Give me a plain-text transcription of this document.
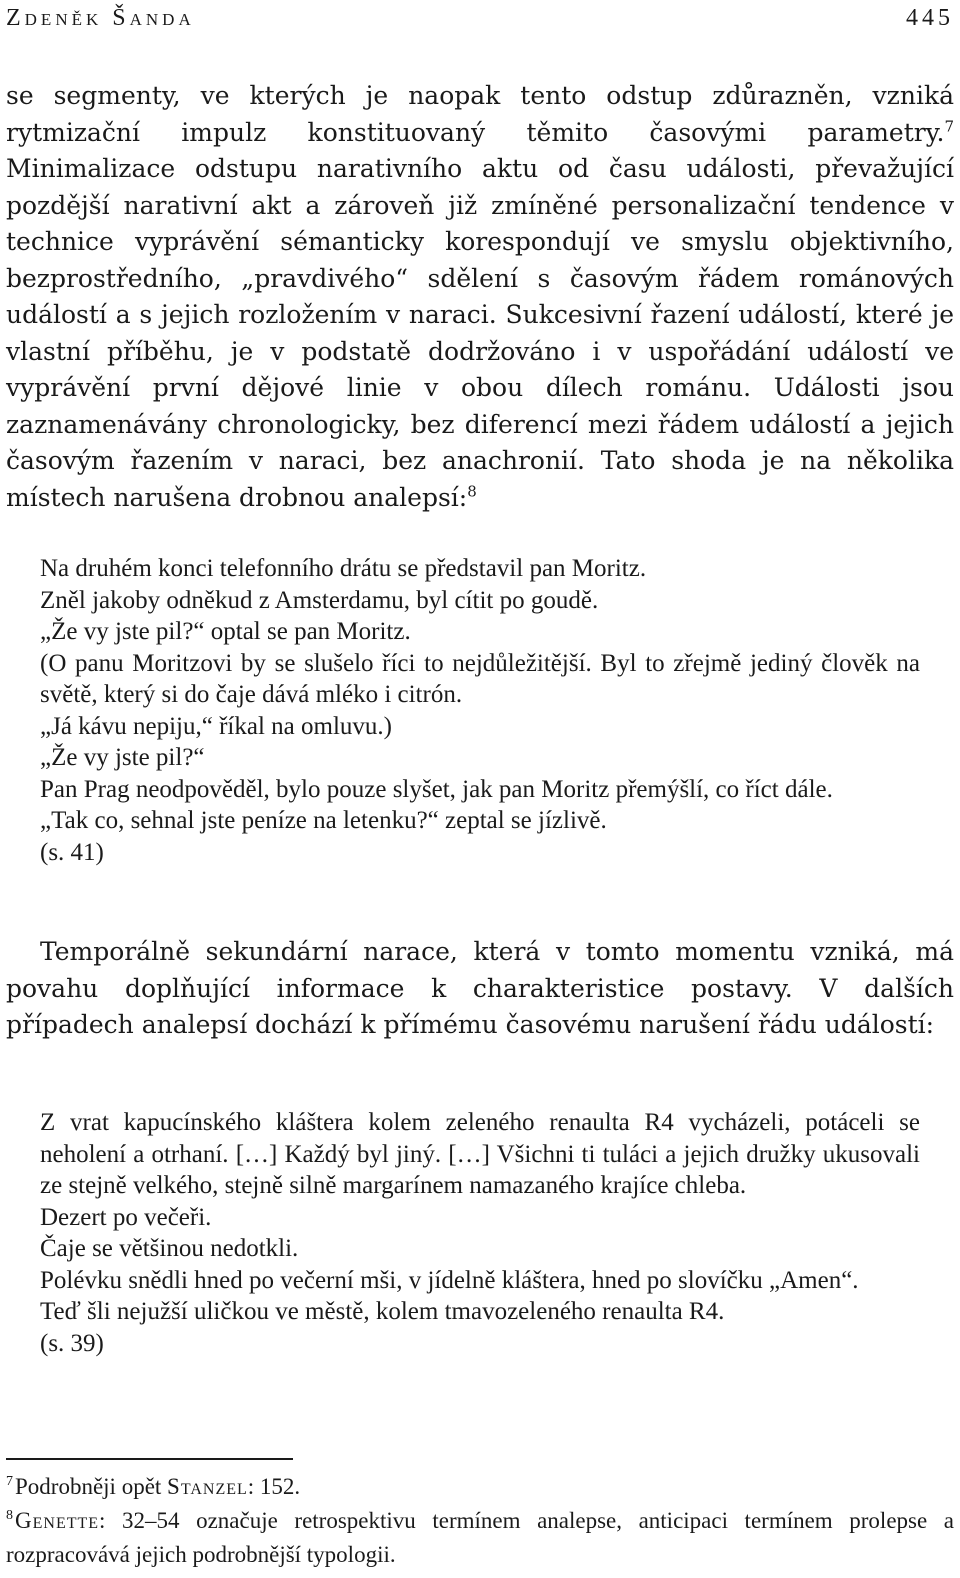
Zdeněk Šanda	445

se segmenty, ve kterých je naopak tento odstup zdůrazněn, vzniká rytmizační impulz konstituovaný těmito časovými parametry.$^7$ Minimalizace odstupu narativního aktu od času události, převažující pozdější narativní akt a zároveň již zmíněné personalizační tendence v technice vyprávění sémanticky korespondují ve smyslu objektivního, bezprostředního, „pravdivého“ sdělení s časovým řádem románových událostí a s jejich rozložením v naraci. Sukcesivní řazení událostí, které je vlastní příběhu, je v podstatě dodržováno i v uspořádání událostí ve vyprávění první dějové linie v obou dílech románu. Události jsou zaznamenávány chronologicky, bez diferencí mezi řádem událostí a jejich časovým řazením v naraci, bez anachronií. Tato shoda je na několika místech narušena drobnou analepsí:$^8$

Na druhém konci telefonního drátu se představil pan Moritz.
Zněl jakoby odněkud z Amsterdamu, byl cítit po goudě.
„Že vy jste pil?“ optal se pan Moritz.
(O panu Moritzovi by se slušelo říci to nejdůležitější. Byl to zřejmě jediný člověk na světě, který si do čaje dává mléko i citrón.
„Já kávu nepiju,“ říkal na omluvu.)
„Že vy jste pil?“
Pan Prag neodpověděl, bylo pouze slyšet, jak pan Moritz přemýšlí, co říct dále.
„Tak co, sehnal jste peníze na letenku?“ zeptal se jízlivě.
(s. 41)

Temporálně sekundární narace, která v tomto momentu vzniká, má povahu doplňující informace k charakteristice postavy. V dalších případech analepsí dochází k přímému časovému narušení řádu událostí:

Z vrat kapucínského kláštera kolem zeleného renaulta R4 vycházeli, potáceli se neholení a otrhaní. […] Každý byl jiný. […] Všichni ti tuláci a jejich družky ukusovali ze stejně velkého, stejně silně margarínem namazaného krajíce chleba.
Dezert po večeři.
Čaje se většinou nedotkli.
Polévku snědli hned po večerní mši, v jídelně kláštera, hned po slovíčku „Amen“.
Teď šli nejužší uličkou ve městě, kolem tmavozeleného renaulta R4.
(s. 39)
$^7$Podrobněji opět Stanzel: 152.
$^8$Genette: 32–54 označuje retrospektivu termínem analepse, anticipaci termínem prolepse a rozpracovává jejich podrobnější typologii.
